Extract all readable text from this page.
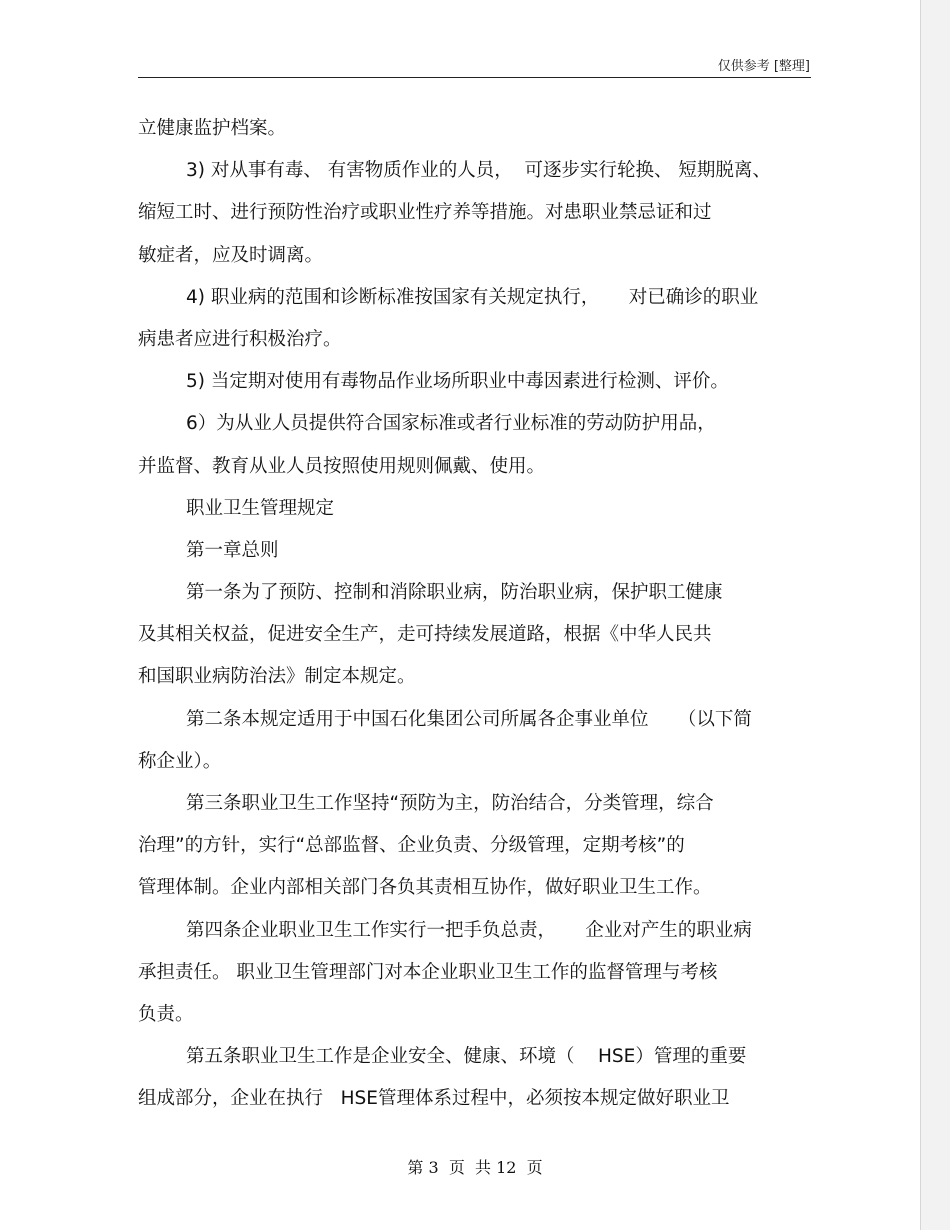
仅供参考 [整理]
立健康监护档案。
3) 对从事有毒、 有害物质作业的人员，  可逐步实行轮换、 短期脱离、
缩短工时、进行预防性治疗或职业性疗养等措施。对患职业禁忌证和过
敏症者，应及时调离。
4) 职业病的范围和诊断标准按国家有关规定执行，     对已确诊的职业
病患者应进行积极治疗。
5) 当定期对使用有毒物品作业场所职业中毒因素进行检测、评价。
6）为从业人员提供符合国家标准或者行业标准的劳动防护用品，
并监督、教育从业人员按照使用规则佩戴、使用。
职业卫生管理规定
第一章总则
第一条为了预防、控制和消除职业病，防治职业病，保护职工健康
及其相关权益，促进安全生产，走可持续发展道路，根据《中华人民共
和国职业病防治法》制定本规定。
第二条本规定适用于中国石化集团公司所属各企事业单位     （以下简
称企业）。
第三条职业卫生工作坚持“预防为主，防治结合，分类管理，综合
治理”的方针，实行“总部监督、企业负责、分级管理，定期考核”的
管理体制。企业内部相关部门各负其责相互协作，做好职业卫生工作。
第四条企业职业卫生工作实行一把手负总责，     企业对产生的职业病
承担责任。 职业卫生管理部门对本企业职业卫生工作的监督管理与考核
负责。
第五条职业卫生工作是企业安全、健康、环境（    HSE）管理的重要
组成部分，企业在执行   HSE管理体系过程中，必须按本规定做好职业卫
第 3  页  共 12  页
